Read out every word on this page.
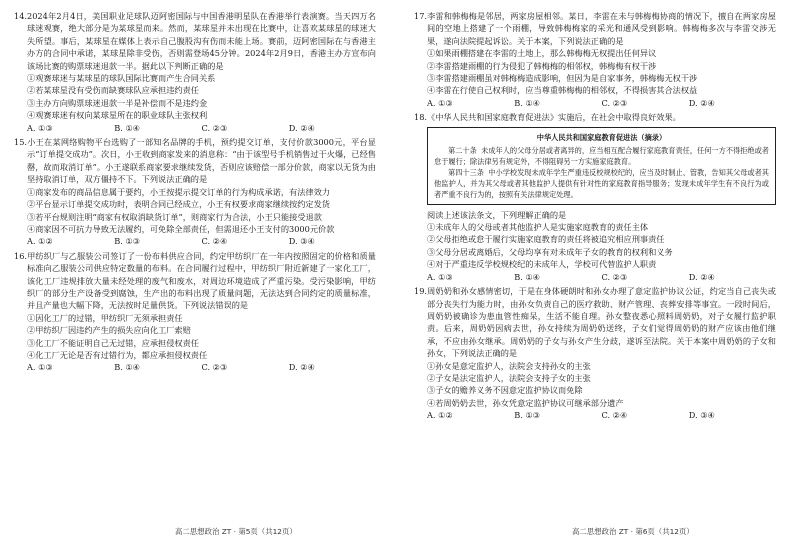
14.2024年2月4日，美国职业足球队迈阿密国际与中国香港明星队在香港举行表演赛。当天四万名球迷观赛，绝大部分是为某球星而来。然而，某球星并未出现在比赛中，让喜欢某球星的球迷大失所望。事后，某球星在媒体上表示自己腹股沟有伤而未能上场。赛前，迈阿密国际在与香港主办方的合同中承诺，某球星除非受伤，否则需登场45分钟。2024年2月9日，香港主办方宣布向该场比赛的购票球迷退款一半。据此以下判断正确的是

①观赛球迷与某球星的球队国际比赛而产生合同关系

②若某球星没有受伤而缺赛球队应承担违约责任

③主办方向购票球迷退款一半是补偿而不是违约金

④观赛球迷有权向某球星所在的职业球队主张权利

A. ①③	B. ①④	C. ②③	D. ②④

15.小王在某网络购物平台选购了一部知名品牌的手机，预约提交订单，支付价款3000元，平台显示“订单提交成功”。次日，小王收到商家发来的消息称：“由于该型号手机销售过于火爆，已经售罄，故而取消订单”。小王遂联系商家要求继续发货，否则应该赔偿一部分价款，商家以无货为由坚持取消订单，双方僵持不下。下列说法正确的是

①商家发布的商品信息属于要约，小王按提示提交订单的行为构成承诺，有法律效力

②平台显示订单提交成功时，表明合同已经成立，小王有权要求商家继续按约定发货

③若平台规则注明“商家有权取消缺货订单”，则商家行为合法，小王只能接受退款

④商家因不可抗力导致无法履约，可免除全部责任，但需退还小王支付的3000元价款

A. ①②	B. ①③	C. ②④	D. ③④

16.甲纺织厂与乙服装公司签订了一份布料供应合同，约定甲纺织厂在一年内按照固定的价格和质量标准向乙服装公司供应特定数量的布料。在合同履行过程中，甲纺织厂附近新建了一家化工厂，该化工厂违规排放大量未经处理的废气和废水，对周边环境造成了严重污染。受污染影响，甲纺织厂的部分生产设备受到腐蚀，生产出的布料出现了质量问题，无法达到合同约定的质量标准，并且产量也大幅下降，无法按时足量供货。下列说法错误的是

①因化工厂的过错，甲纺织厂无须承担责任

②甲纺织厂因违约产生的损失应向化工厂索赔

③化工厂不能证明自己无过错，应承担侵权责任

④化工厂无论是否有过错行为，都应承担侵权责任

A. ①③	B. ①④	C. ②③	D. ②④
高二思想政治 ZT · 第5页（共12页）

17.李雷和韩梅梅是邻居，两家房屋相邻。某日，李雷在未与韩梅梅协商的情况下，擅自在两家房屋间的空地上搭建了一个雨棚，导致韩梅梅家的采光和通风受到影响。韩梅梅多次与李雷交涉无果，遂向法院提起诉讼。关于本案，下列说法正确的是

①如果雨棚搭建在李雷的土地上，那么韩梅梅无权提出任何异议

②李雷搭建雨棚的行为侵犯了韩梅梅的相邻权，韩梅梅有权干涉

③李雷搭建雨棚虽对韩梅梅造成影响，但因为是自家事务，韩梅梅无权干涉

④李雷在行使自己权利时，应当尊重韩梅梅的相邻权，不得损害其合法权益

A. ①③	B. ①④	C. ②③	D. ②④

18.《中华人民共和国家庭教育促进法》实施后，在社会中取得良好效果。

中华人民共和国家庭教育促进法（摘录）

第二十条 未成年人的父母分居或者离异的，应当相互配合履行家庭教育责任，任何一方不得拒绝或者怠于履行；除法律另有规定外，不得阻碍另一方实施家庭教育。

第四十三条 中小学校发现未成年学生严重违反校规校纪的，应当及时制止、管教，告知其父母或者其他监护人，并为其父母或者其他监护人提供有针对性的家庭教育指导服务；发现未成年学生有不良行为或者严重不良行为的，按照有关法律规定处理。

阅读上述该法条文，下列理解正确的是

①未成年人的父母或者其他监护人是实施家庭教育的责任主体

②父母拒绝或怠于履行实施家庭教育的责任将被追究相应刑事责任

③父母分居或离婚后，父母均享有对未成年子女的教育的权利和义务

④对于严重违反学校规校纪的未成年人，学校可代替监护人职责

A. ①③	B. ①④	C. ②③	D. ②④

19.周奶奶和孙女感情密切，于是在身体硬朗时和孙女办理了意定监护协议公证，约定当自己丧失或部分丧失行为能力时，由孙女负责自己的医疗救助、财产管理、丧葬安排等事宜。一段时间后，周奶奶被确诊为患血管性痴呆，生活不能自理。孙女整夜悉心照料周奶奶，对子女履行监护职责。后来，周奶奶因病去世，孙女持续为周奶奶送终，子女们觉得周奶奶的财产应该由他们继承，不应由孙女继承。周奶奶的子女与孙女产生分歧，遂诉至法院。关于本案中周奶奶的子女和孙女，下列说法正确的是

①孙女是意定监护人，法院会支持孙女的主张

②子女是法定监护人，法院会支持子女的主张

③子女的赡养义务不因意定监护协议而免除

④若周奶奶去世，孙女凭意定监护协议可继承部分遗产

A. ①②	B. ①③	C. ②④	D. ③④
高二思想政治 ZT · 第6页（共12页）
